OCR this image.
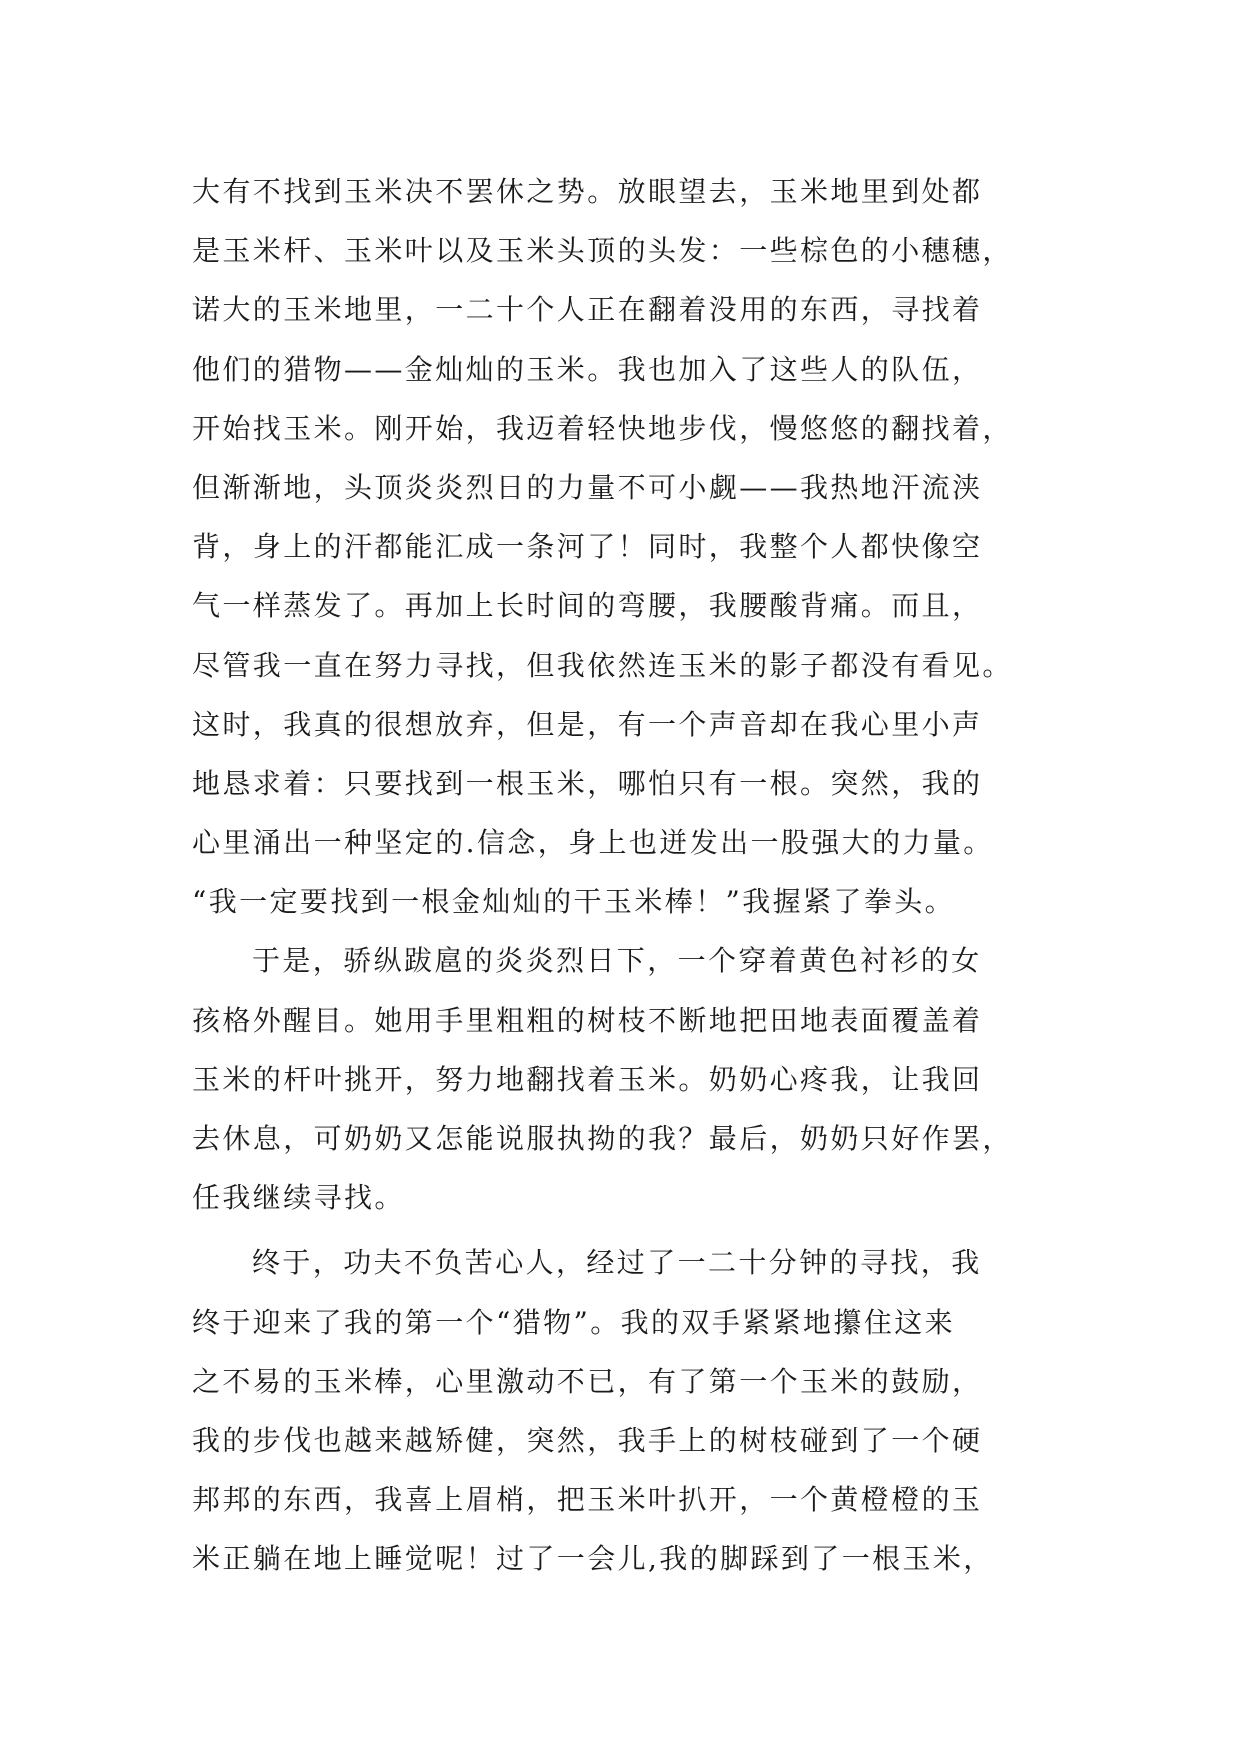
大有不找到玉米决不罢休之势。放眼望去，玉米地里到处都
是玉米杆、玉米叶以及玉米头顶的头发：一些棕色的小穗穗，
诺大的玉米地里，一二十个人正在翻着没用的东西，寻找着
他们的猎物——金灿灿的玉米。我也加入了这些人的队伍，
开始找玉米。刚开始，我迈着轻快地步伐，慢悠悠的翻找着，
但渐渐地，头顶炎炎烈日的力量不可小觑——我热地汗流浃
背，身上的汗都能汇成一条河了！同时，我整个人都快像空
气一样蒸发了。再加上长时间的弯腰，我腰酸背痛。而且，
尽管我一直在努力寻找，但我依然连玉米的影子都没有看见。
这时，我真的很想放弃，但是，有一个声音却在我心里小声
地恳求着：只要找到一根玉米，哪怕只有一根。突然，我的
心里涌出一种坚定的.信念，身上也迸发出一股强大的力量。
“我一定要找到一根金灿灿的干玉米棒！”我握紧了拳头。
于是，骄纵跋扈的炎炎烈日下，一个穿着黄色衬衫的女
孩格外醒目。她用手里粗粗的树枝不断地把田地表面覆盖着
玉米的杆叶挑开，努力地翻找着玉米。奶奶心疼我，让我回
去休息，可奶奶又怎能说服执拗的我？最后，奶奶只好作罢，
任我继续寻找。
终于，功夫不负苦心人，经过了一二十分钟的寻找，我
终于迎来了我的第一个“猎物”。我的双手紧紧地攥住这来
之不易的玉米棒，心里激动不已，有了第一个玉米的鼓励，
我的步伐也越来越矫健，突然，我手上的树枝碰到了一个硬
邦邦的东西，我喜上眉梢，把玉米叶扒开，一个黄橙橙的玉
米正躺在地上睡觉呢！过了一会儿,我的脚踩到了一根玉米，
